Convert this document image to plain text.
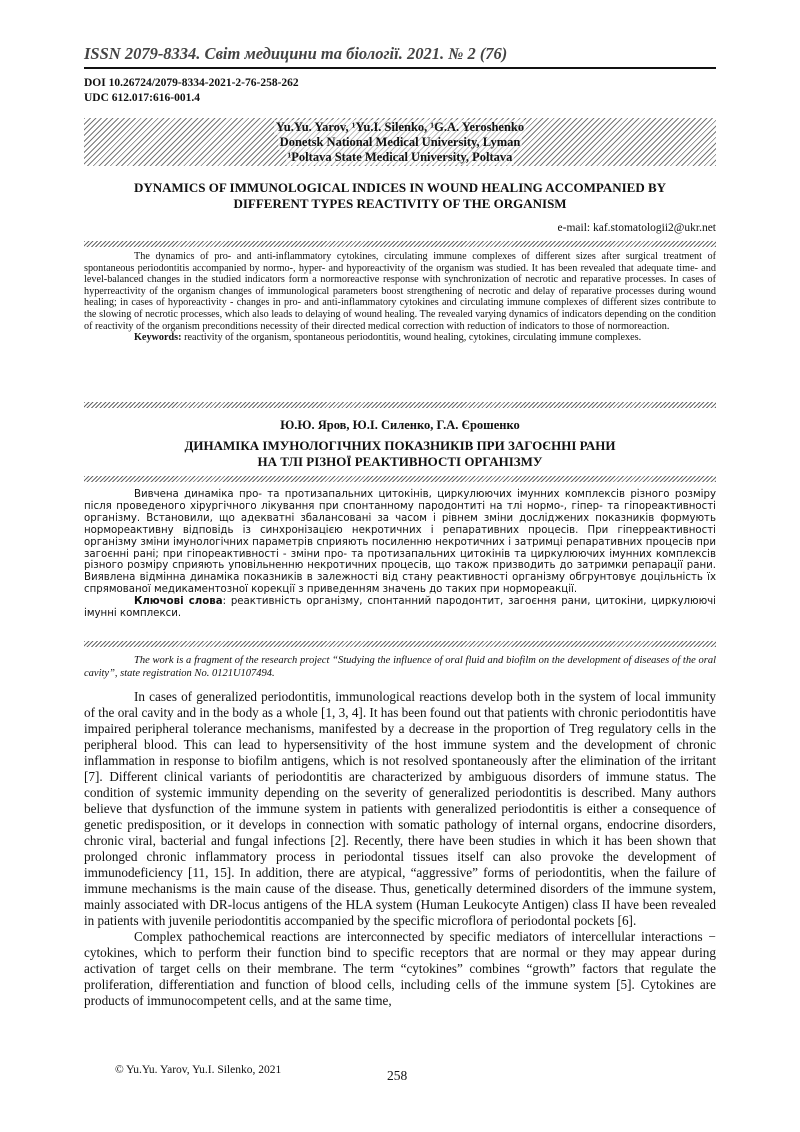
ISSN 2079-8334. Світ медицини та біології. 2021. № 2 (76)
DOI 10.26724/2079-8334-2021-2-76-258-262
UDC 612.017:616-001.4
Yu.Yu. Yarov, ¹Yu.I. Silenko, ¹G.A. Yeroshenko
Donetsk National Medical University, Lyman
¹Poltava State Medical University, Poltava
DYNAMICS OF IMMUNOLOGICAL INDICES IN WOUND HEALING ACCOMPANIED BY
DIFFERENT TYPES REACTIVITY OF THE ORGANISM
e-mail: kaf.stomatologii2@ukr.net

The dynamics of pro- and anti-inflammatory cytokines, circulating immune complexes of different sizes after surgical treatment of spontaneous periodontitis accompanied by normo-, hyper- and hyporeactivity of the organism was studied. It has been revealed that adequate time- and level-balanced changes in the studied indicators form a normoreactive response with synchronization of necrotic and reparative processes. In cases of hyperreactivity of the organism changes of immunological parameters boost strengthening of necrotic and delay of reparative processes during wound healing; in cases of hyporeactivity - changes in pro- and anti-inflammatory cytokines and circulating immune complexes of different sizes contribute to the slowing of necrotic processes, which also leads to delaying of wound healing. The revealed varying dynamics of indicators depending on the condition of reactivity of the organism preconditions necessity of their directed medical correction with reduction of indicators to those of normoreaction.

Keywords: reactivity of the organism, spontaneous periodontitis, wound healing, cytokines, circulating immune complexes.

Ю.Ю. Яров, Ю.І. Силенко, Г.А. Єрошенко
ДИНАМІКА ІМУНОЛОГІЧНИХ ПОКАЗНИКІВ ПРИ ЗАГОЄННІ РАНИ
НА ТЛІ РІЗНОЇ РЕАКТИВНОСТІ ОРГАНІЗМУ

Вивчена динаміка про- та протизапальних цитокінів, циркулюючих імунних комплексів різного розміру після проведеного хірургічного лікування при спонтанному пародонтиті на тлі нормо-, гіпер- та гіпореактивності організму. Встановили, що адекватні збалансовані за часом і рівнем зміни досліджених показників формують нормореактивну відповідь із синхронізацією некротичних і репаративних процесів. При гіперреактивності організму зміни імунологічних параметрів сприяють посиленню некротичних і затримці репаративних процесів при загоєнні рані; при гіпореактивності - зміни про- та протизапальних цитокінів та циркулюючих імунних комплексів різного розміру сприяють уповільненню некротичних процесів, що також призводить до затримки репарації рани. Виявлена відмінна динаміка показників в залежності від стану реактивності організму обгрунтовує доцільність їх спрямованої медикаментозної корекції з приведенням значень до таких при нормореакції.

Ключові слова: реактивність організму, спонтанний пародонтит, загоєння рани, цитокіни, циркулюючі імунні комплекси.

The work is a fragment of the research project “Studying the influence of oral fluid and biofilm on the development of diseases of the oral cavity”, state registration No. 0121U107494.

In cases of generalized periodontitis, immunological reactions develop both in the system of local immunity of the oral cavity and in the body as a whole [1, 3, 4]. It has been found out that patients with chronic periodontitis have impaired peripheral tolerance mechanisms, manifested by a decrease in the proportion of Treg regulatory cells in the peripheral blood. This can lead to hypersensitivity of the host immune system and the development of chronic inflammation in response to biofilm antigens, which is not resolved spontaneously after the elimination of the irritant [7]. Different clinical variants of periodontitis are characterized by ambiguous disorders of immune status. The condition of systemic immunity depending on the severity of generalized periodontitis is described. Many authors believe that dysfunction of the immune system in patients with generalized periodontitis is either a consequence of genetic predisposition, or it develops in connection with somatic pathology of internal organs, endocrine disorders, chronic viral, bacterial and fungal infections [2]. Recently, there have been studies in which it has been shown that prolonged chronic inflammatory process in periodontal tissues itself can also provoke the development of immunodeficiency [11, 15]. In addition, there are atypical, “aggressive” forms of periodontitis, when the failure of immune mechanisms is the main cause of the disease. Thus, genetically determined disorders of the immune system, mainly associated with DR-locus antigens of the HLA system (Human Leukocyte Antigen) class II have been revealed in patients with juvenile periodontitis accompanied by the specific microflora of periodontal pockets [6].

Complex pathochemical reactions are interconnected by specific mediators of intercellular interactions − cytokines, which to perform their function bind to specific receptors that are normal or they may appear during activation of target cells on their membrane. The term “cytokines” combines “growth” factors that regulate the proliferation, differentiation and function of blood cells, including cells of the immune system [5]. Cytokines are products of immunocompetent cells, and at the same time,

© Yu.Yu. Yarov, Yu.I. Silenko, 2021	258
